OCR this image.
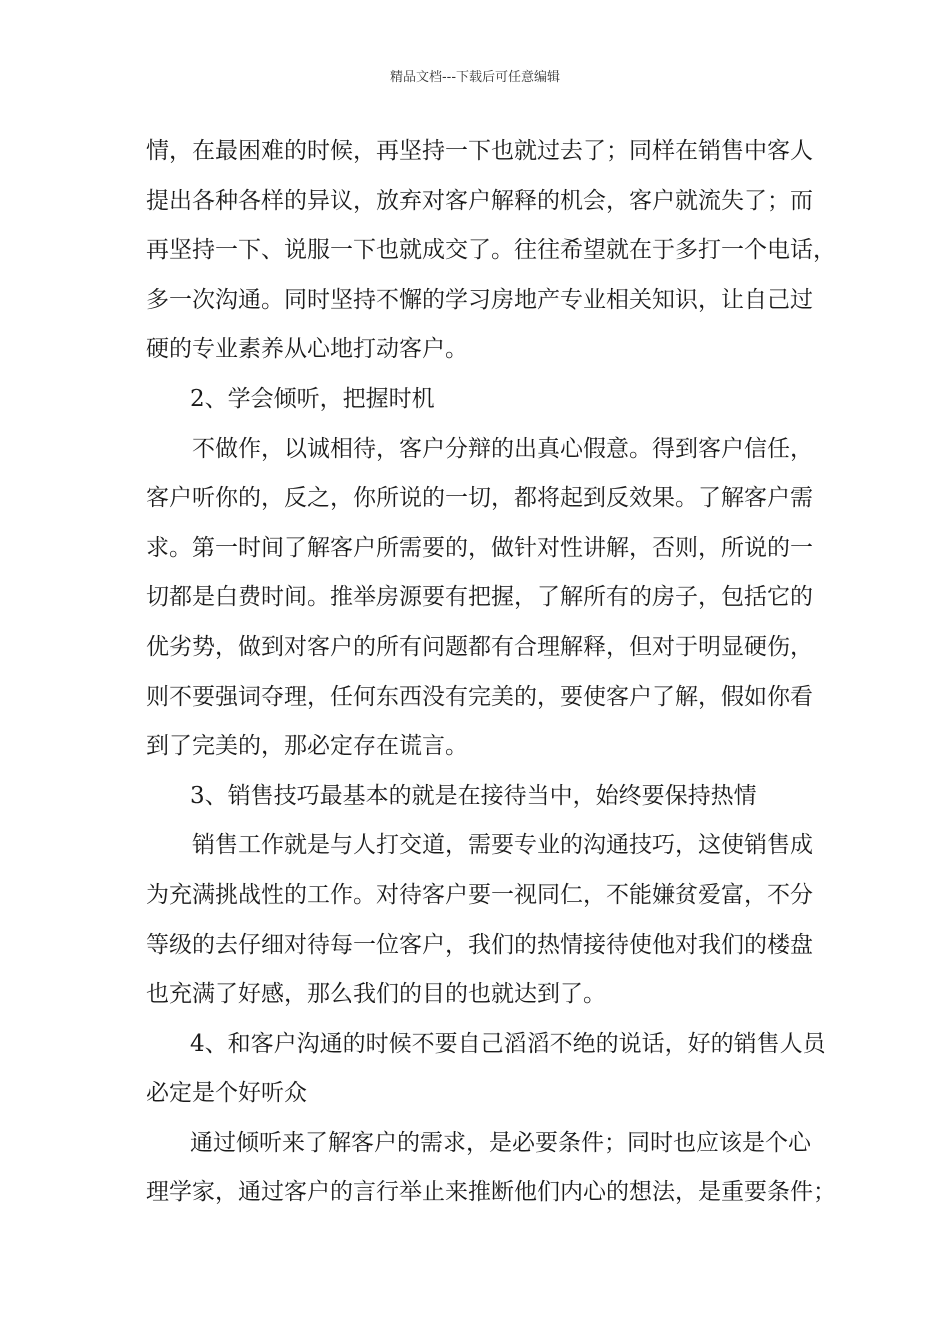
精品文档---下载后可任意编辑
情，在最困难的时候，再坚持一下也就过去了；同样在销售中客人
提出各种各样的异议，放弃对客户解释的机会，客户就流失了；而
再坚持一下、说服一下也就成交了。往往希望就在于多打一个电话，
多一次沟通。同时坚持不懈的学习房地产专业相关知识，让自己过
硬的专业素养从心地打动客户。
2、学会倾听，把握时机
不做作，以诚相待，客户分辩的出真心假意。得到客户信任，
客户听你的，反之，你所说的一切，都将起到反效果。了解客户需
求。第一时间了解客户所需要的，做针对性讲解，否则，所说的一
切都是白费时间。推举房源要有把握，了解所有的房子，包括它的
优劣势，做到对客户的所有问题都有合理解释，但对于明显硬伤，
则不要强词夺理，任何东西没有完美的，要使客户了解，假如你看
到了完美的，那必定存在谎言。
3、销售技巧最基本的就是在接待当中，始终要保持热情
销售工作就是与人打交道，需要专业的沟通技巧，这使销售成
为充满挑战性的工作。对待客户要一视同仁，不能嫌贫爱富，不分
等级的去仔细对待每一位客户，我们的热情接待使他对我们的楼盘
也充满了好感，那么我们的目的也就达到了。
4、和客户沟通的时候不要自己滔滔不绝的说话，好的销售人员
必定是个好听众
通过倾听来了解客户的需求，是必要条件；同时也应该是个心
理学家，通过客户的言行举止来推断他们内心的想法，是重要条件；
